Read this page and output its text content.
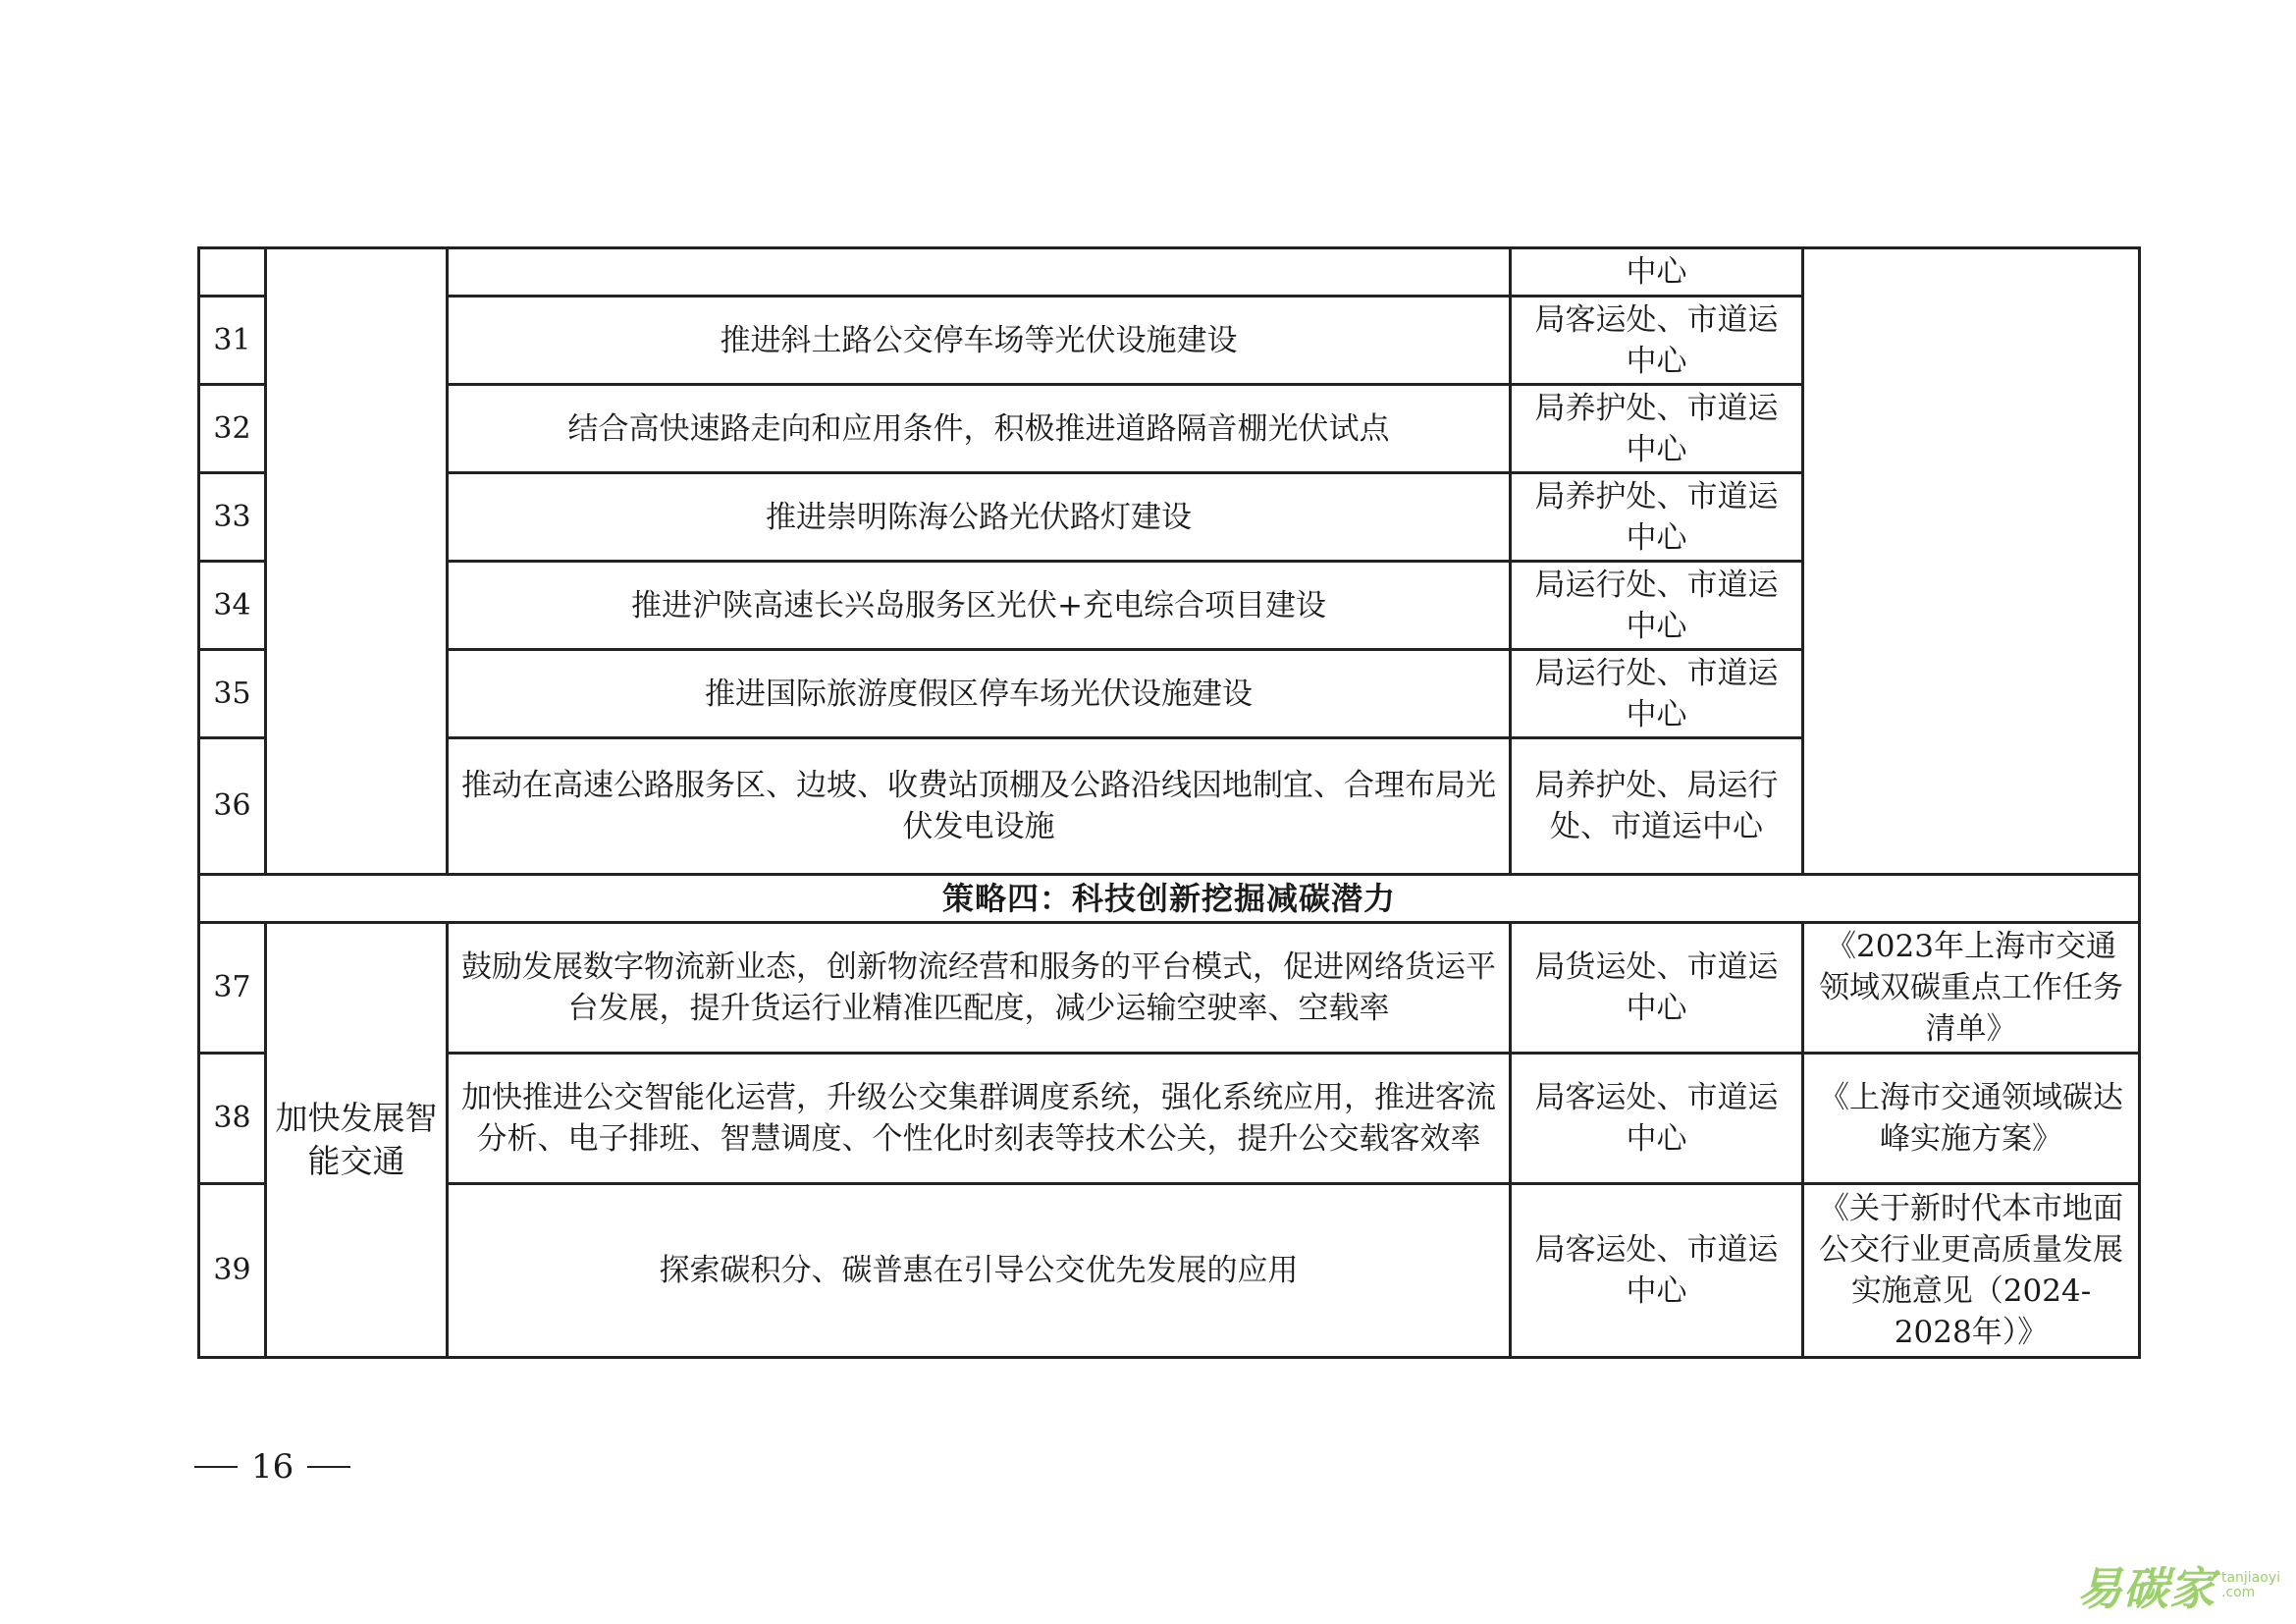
			中心	
31		推进斜土路公交停车场等光伏设施建设	局客运处、市道运中心	
32		结合高快速路走向和应用条件，积极推进道路隔音棚光伏试点	局养护处、市道运中心	
33		推进崇明陈海公路光伏路灯建设	局养护处、市道运中心	
34		推进沪陕高速长兴岛服务区光伏+充电综合项目建设	局运行处、市道运中心	
35		推进国际旅游度假区停车场光伏设施建设	局运行处、市道运中心	
36		推动在高速公路服务区、边坡、收费站顶棚及公路沿线因地制宜、合理布局光伏发电设施	局养护处、局运行处、市道运中心	
策略四：科技创新挖掘减碳潜力				
37	加快发展智能交通	鼓励发展数字物流新业态，创新物流经营和服务的平台模式，促进网络货运平台发展，提升货运行业精准匹配度，减少运输空驶率、空载率	局货运处、市道运中心	《2023年上海市交通领域双碳重点工作任务清单》
38		加快推进公交智能化运营，升级公交集群调度系统，强化系统应用，推进客流分析、电子排班、智慧调度、个性化时刻表等技术公关，提升公交载客效率	局客运处、市道运中心	《上海市交通领域碳达峰实施方案》
39		探索碳积分、碳普惠在引导公交优先发展的应用	局客运处、市道运中心	《关于新时代本市地面公交行业更高质量发展实施意见（2024-2028年）》
16
易碳家 tanjiaoyi
.com
